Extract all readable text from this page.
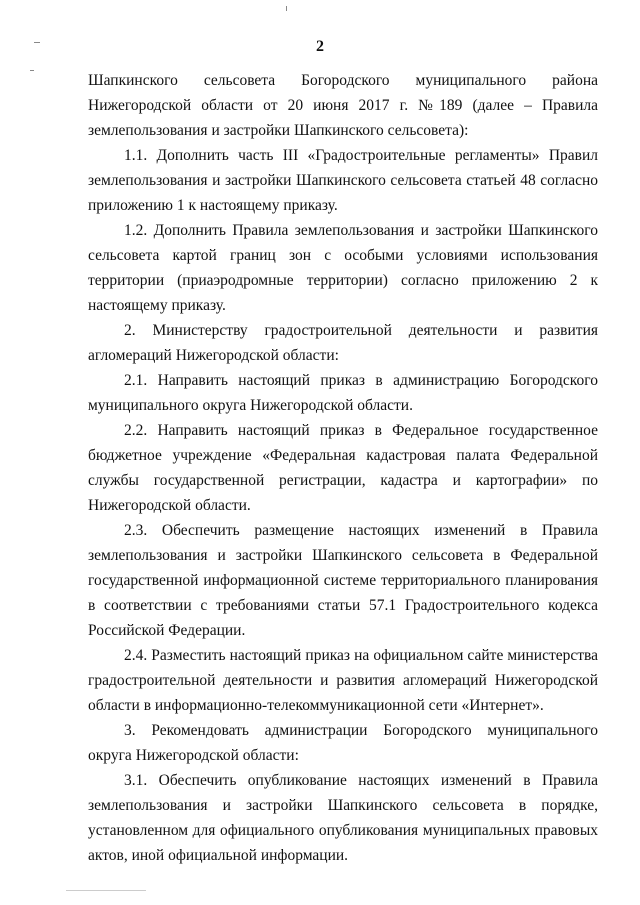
2

Шапкинского сельсовета Богородского муниципального района Нижегородской области от 20 июня 2017 г. №189 (далее – Правила землепользования и застройки Шапкинского сельсовета):

1.1. Дополнить часть III «Градостроительные регламенты» Правил землепользования и застройки Шапкинского сельсовета статьей 48 согласно приложению 1 к настоящему приказу.

1.2. Дополнить Правила землепользования и застройки Шапкинского сельсовета картой границ зон с особыми условиями использования территории (приаэродромные территории) согласно приложению 2 к настоящему приказу.

2. Министерству градостроительной деятельности и развития агломераций Нижегородской области:

2.1. Направить настоящий приказ в администрацию Богородского муниципального округа Нижегородской области.

2.2. Направить настоящий приказ в Федеральное государственное бюджетное учреждение «Федеральная кадастровая палата Федеральной службы государственной регистрации, кадастра и картографии» по Нижегородской области.

2.3. Обеспечить размещение настоящих изменений в Правила землепользования и застройки Шапкинского сельсовета в Федеральной государственной информационной системе территориального планирования в соответствии с требованиями статьи 57.1 Градостроительного кодекса Российской Федерации.

2.4. Разместить настоящий приказ на официальном сайте министерства градостроительной деятельности и развития агломераций Нижегородской области в информационно-телекоммуникационной сети «Интернет».

3. Рекомендовать администрации Богородского муниципального округа Нижегородской области:

3.1. Обеспечить опубликование настоящих изменений в Правила землепользования и застройки Шапкинского сельсовета в порядке, установленном для официального опубликования муниципальных правовых актов, иной официальной информации.
